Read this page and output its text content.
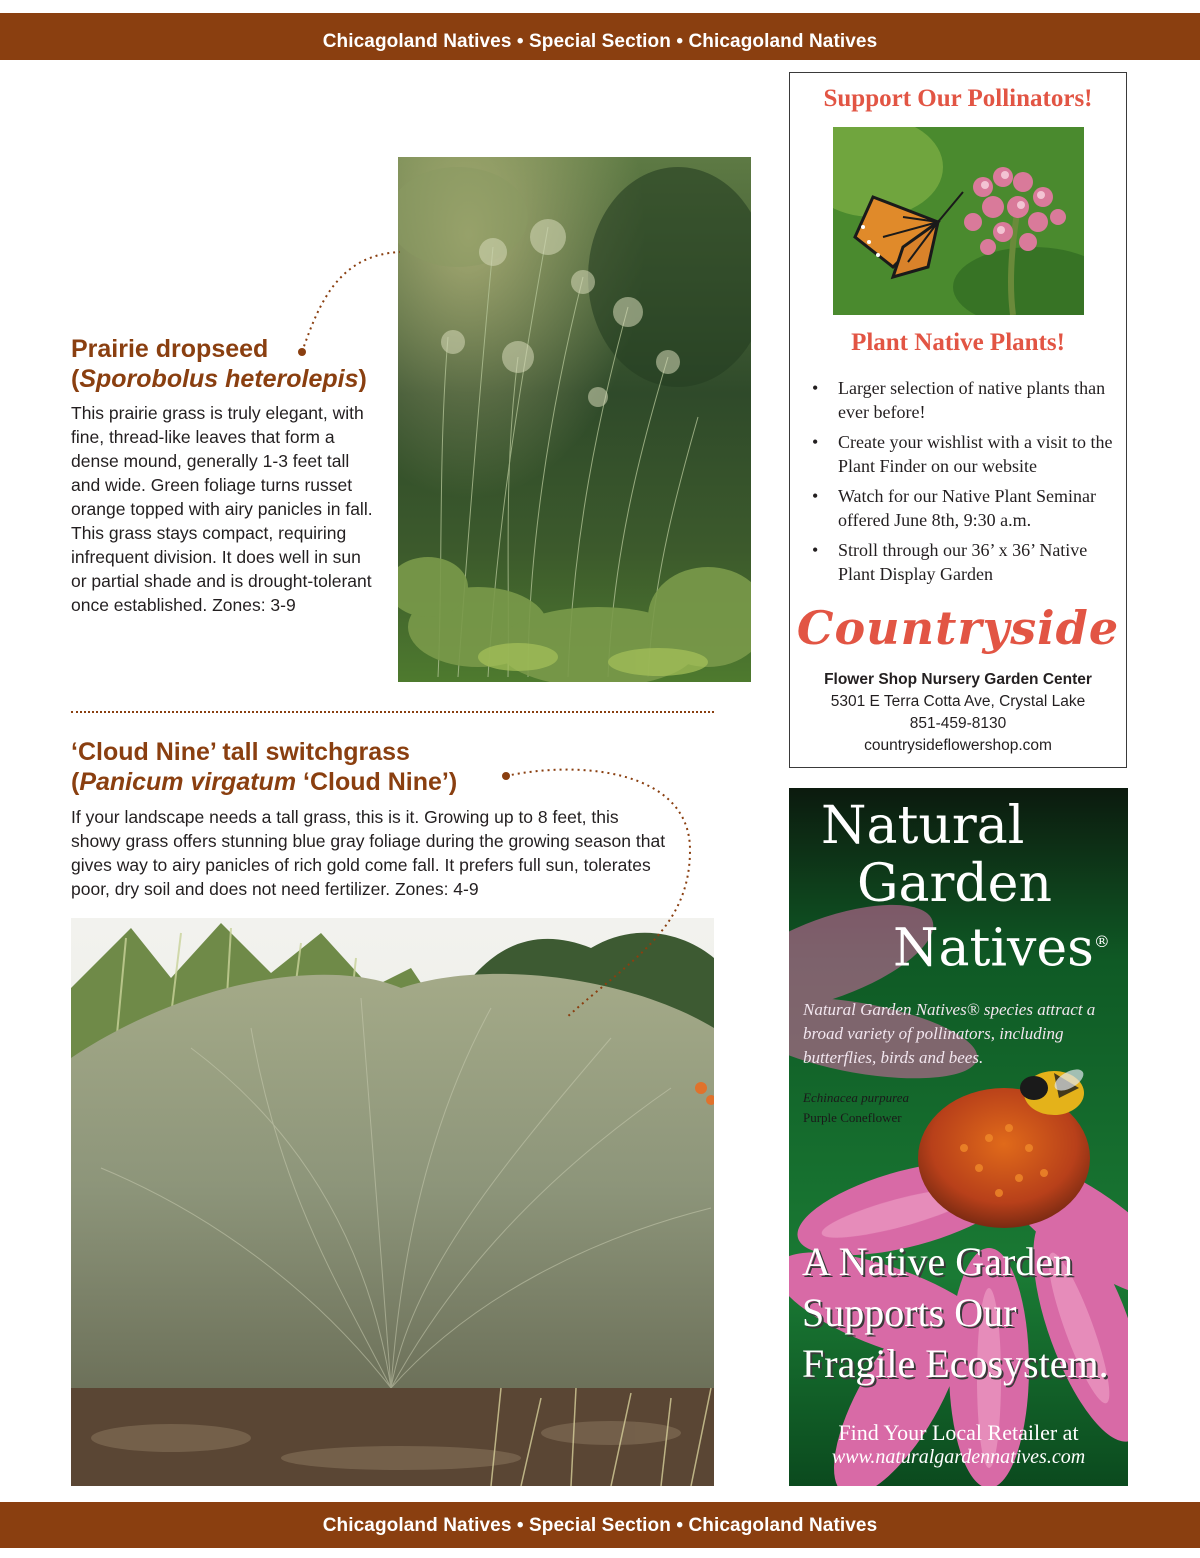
Chicagoland Natives • Special Section • Chicagoland Natives
Prairie dropseed
(Sporobolus heterolepis)
This prairie grass is truly elegant, with fine, thread-like leaves that form a dense mound, generally 1-3 feet tall and wide. Green foliage turns russet orange topped with airy panicles in fall. This grass stays compact, requiring infrequent division. It does well in sun or partial shade and is drought-tolerant once established. Zones: 3-9
‘Cloud Nine’ tall switchgrass
(Panicum virgatum ‘Cloud Nine’)
If your landscape needs a tall grass, this is it. Growing up to 8 feet, this showy grass offers stunning blue gray foliage during the growing season that gives way to airy panicles of rich gold come fall. It prefers full sun, tolerates poor, dry soil and does not need fertilizer. Zones: 4-9
Support Our Pollinators!
Plant Native Plants!
• Larger selection of native plants than ever before!
• Create your wishlist with a visit to the Plant Finder on our website
• Watch for our Native Plant Seminar offered June 8th, 9:30 a.m.
• Stroll through our 36’ x 36’ Native Plant Display Garden
Countryside
Flower Shop Nursery Garden Center
5301 E Terra Cotta Ave, Crystal Lake
851-459-8130
countrysideflowershop.com
Natural
Garden
Natives®
Natural Garden Natives® species attract a broad variety of pollinators, including butterflies, birds and bees.
Echinacea purpurea
Purple Coneflower
A Native Garden Supports Our Fragile Ecosystem.
Find Your Local Retailer at
www.naturalgardennatives.com
Chicagoland Natives • Special Section • Chicagoland Natives
